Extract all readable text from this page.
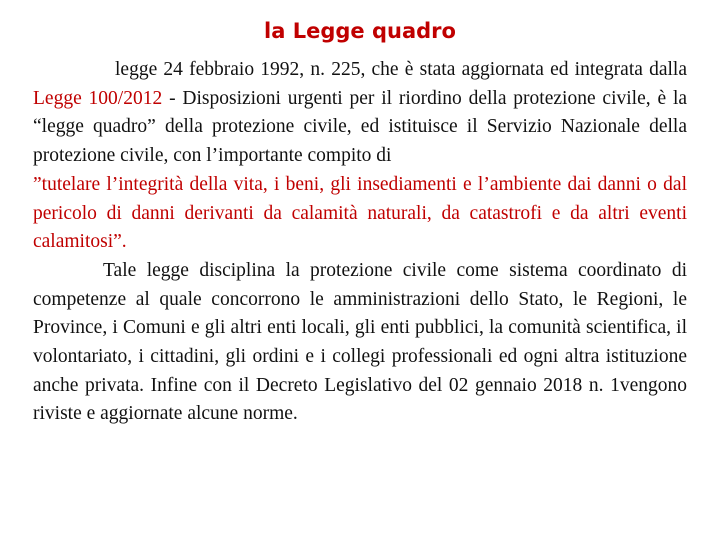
la Legge quadro

legge 24 febbraio 1992, n. 225, che è stata aggiornata ed integrata dalla Legge 100/2012 - Disposizioni urgenti per il riordino della protezione civile, è la “legge quadro” della protezione civile, ed istituisce il Servizio Nazionale della protezione civile, con l’importante compito di
”tutelare l’integrità della vita, i beni, gli insediamenti e l’ambiente dai danni o dal pericolo di danni derivanti da calamità naturali, da catastrofi e da altri eventi calamitosi”.

Tale legge disciplina la protezione civile come sistema coordinato di competenze al quale concorrono le amministrazioni dello Stato, le Regioni, le Province, i Comuni e gli altri enti locali, gli enti pubblici, la comunità scientifica, il volontariato, i cittadini, gli ordini e i collegi professionali ed ogni altra istituzione anche privata. Infine con il Decreto Legislativo del 02 gennaio 2018 n. 1vengono riviste e aggiornate alcune norme.
